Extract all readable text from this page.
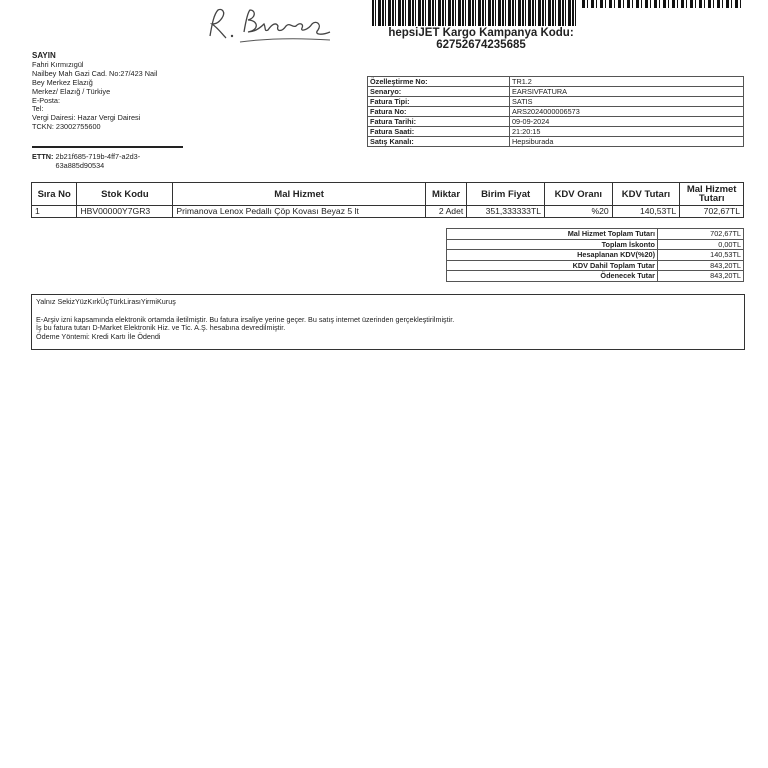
hepsiJET Kargo Kampanya Kodu:
62752674235685
SAYIN
Fahri Kırmızıgül
Nailbey Mah Gazi Cad. No:27/423 Nail
Bey Merkez Elazığ
Merkez/ Elazığ / Türkiye
E-Posta:
Tel:
Vergi Dairesi: Hazar Vergi Dairesi
TCKN: 23002755600
ETTN: 2b21f685-719b-4ff7-a2d3-
63a885d90534
Özelleştirme No:	TR1.2
Senaryo:	EARSIVFATURA
Fatura Tipi:	SATIS
Fatura No:	ARS2024000006573
Fatura Tarihi:	09-09-2024
Fatura Saati:	21:20:15
Satış Kanalı:	Hepsiburada
Sıra No	Stok Kodu	Mal Hizmet	Miktar	Birim Fiyat	KDV Oranı	KDV Tutarı	Mal Hizmet Tutarı
1	HBV00000Y7GR3	Primanova Lenox Pedallı Çöp Kovası Beyaz 5 lt	2 Adet	351,333333TL	%20	140,53TL	702,67TL
Mal Hizmet Toplam Tutarı	702,67TL
Toplam İskonto	0,00TL
Hesaplanan KDV(%20)	140,53TL
KDV Dahil Toplam Tutar	843,20TL
Ödenecek Tutar	843,20TL

Yalnız SekizYüzKırkÜçTürkLirasıYirmiKuruş

E-Arşiv izni kapsamında elektronik ortamda iletilmiştir. Bu fatura irsaliye yerine geçer. Bu satış internet üzerinden gerçekleştirilmiştir.

İş bu fatura tutarı D-Market Elektronik Hiz. ve Tic. A.Ş. hesabına devredilmiştir.

Ödeme Yöntemi: Kredi Kartı İle Ödendi
